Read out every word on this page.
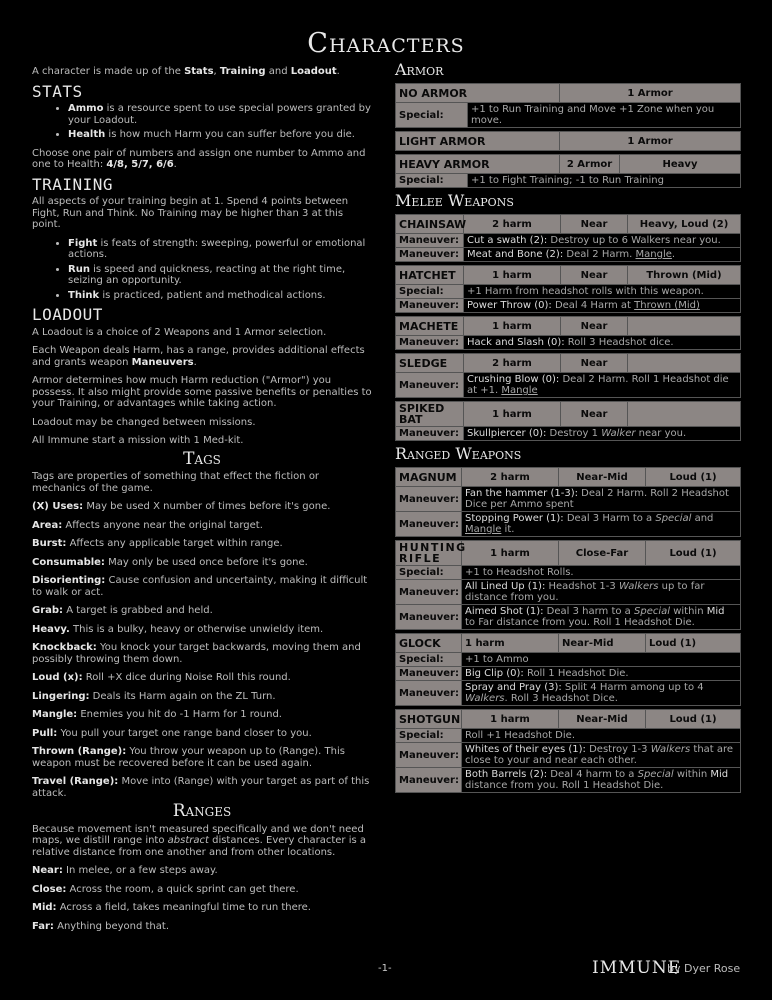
Characters

A character is made up of the Stats, Training and Loadout.

STATS
• Ammo is a resource spent to use special powers granted by your Loadout.
• Health is how much Harm you can suffer before you die.

Choose one pair of numbers and assign one number to Ammo and one to Health: 4/8, 5/7, 6/6.

TRAINING

All aspects of your training begin at 1. Spend 4 points between Fight, Run and Think. No Training may be higher than 3 at this point.

• Fight is feats of strength: sweeping, powerful or emotional actions.
• Run is speed and quickness, reacting at the right time, seizing an opportunity.
• Think is practiced, patient and methodical actions.
LOADOUT

A Loadout is a choice of 2 Weapons and 1 Armor selection.

Each Weapon deals Harm, has a range, provides additional effects and grants weapon Maneuvers.

Armor determines how much Harm reduction ("Armor") you possess. It also might provide some passive benefits or penalties to your Training, or advantages while taking action.

Loadout may be changed between missions.

All Immune start a mission with 1 Med-kit.

Tags

Tags are properties of something that effect the fiction or mechanics of the game.

(X) Uses: May be used X number of times before it's gone.

Area: Affects anyone near the original target.

Burst: Affects any applicable target within range.

Consumable: May only be used once before it's gone.

Disorienting: Cause confusion and uncertainty, making it difficult to walk or act.

Grab: A target is grabbed and held.

Heavy. This is a bulky, heavy or otherwise unwieldy item.

Knockback: You knock your target backwards, moving them and possibly throwing them down.

Loud (x): Roll +X dice during Noise Roll this round.

Lingering: Deals its Harm again on the ZL Turn.

Mangle: Enemies you hit do -1 Harm for 1 round.

Pull: You pull your target one range band closer to you.

Thrown (Range): You throw your weapon up to (Range). This weapon must be recovered before it can be used again.

Travel (Range): Move into (Range) with your target as part of this attack.

Ranges

Because movement isn't measured specifically and we don't need maps, we distill range into abstract distances. Every character is a relative distance from one another and from other locations.

Near: In melee, or a few steps away.

Close: Across the room, a quick sprint can get there.

Mid: Across a field, takes meaningful time to run there.

Far: Anything beyond that.

Armor
NO ARMOR		1 Armor
Special:	+1 to Run Training and Move +1 Zone when you move.	
LIGHT ARMOR	1 Armor
HEAVY ARMOR		2 Armor	Heavy
Special:	+1 to Fight Training; -1 to Run Training		
Melee Weapons
CHAINSAW	2 harm	Near	Heavy, Loud (2)
Maneuver:	Cut a swath (2): Destroy up to 6 Walkers near you.		
Maneuver:	Meat and Bone (2): Deal 2 Harm. Mangle.		
HATCHET	1 harm	Near	Thrown (Mid)
Special:	+1 Harm from headshot rolls with this weapon.		
Maneuver:	Power Throw (0): Deal 4 Harm at Thrown (Mid)		
MACHETE	1 harm	Near	
Maneuver:	Hack and Slash (0): Roll 3 Headshot dice.		
SLEDGE	2 harm	Near	
Maneuver:	Crushing Blow (0): Deal 2 Harm. Roll 1 Headshot die at +1. Mangle		
SPIKED BAT	1 harm	Near	
Maneuver:	Skullpiercer (0): Destroy 1 Walker near you.		
Ranged Weapons
MAGNUM	2 harm	Near-Mid	Loud (1)
Maneuver:	Fan the hammer (1-3): Deal 2 Harm. Roll 2 Headshot Dice per Ammo spent		
Maneuver:	Stopping Power (1): Deal 3 Harm to a Special and Mangle it.		
HUNTING RIFLE	1 harm	Close-Far	Loud (1)
Special:	+1 to Headshot Rolls.		
Maneuver:	All Lined Up (1): Headshot 1-3 Walkers up to far distance from you.		
Maneuver:	Aimed Shot (1): Deal 3 harm to a Special within Mid to Far distance from you. Roll 1 Headshot Die.		
GLOCK	1 harm	Near-Mid	Loud (1)
Special:	+1 to Ammo		
Maneuver:	Big Clip (0): Roll 1 Headshot Die.		
Maneuver:	Spray and Pray (3): Split 4 Harm among up to 4 Walkers. Roll 3 Headshot Dice.		
SHOTGUN	1 harm	Near-Mid	Loud (1)
Special:	Roll +1 Headshot Die.		
Maneuver:	Whites of their eyes (1): Destroy 1-3 Walkers that are close to your and near each other.		
Maneuver:	Both Barrels (2): Deal 4 harm to a Special within Mid distance from you. Roll 1 Headshot Die.		
-1-	IMMUNE
by Dyer Rose
